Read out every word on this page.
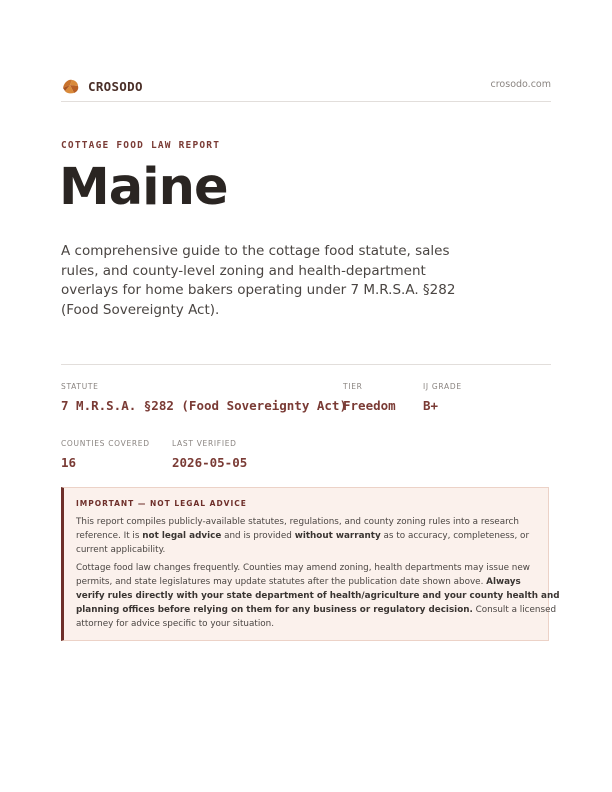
CROSODO	crosodo.com
COTTAGE FOOD LAW REPORT
Maine
A comprehensive guide to the cottage food statute, sales
rules, and county-level zoning and health-department
overlays for home bakers operating under 7 M.R.S.A. §282
(Food Sovereignty Act).
STATUTE
7 M.R.S.A. §282 (Food Sovereignty Act)
TIER
Freedom
IJ GRADE
B+
COUNTIES COVERED
16
LAST VERIFIED
2026-05-05
IMPORTANT — NOT LEGAL ADVICE
This report compiles publicly-available statutes, regulations, and county zoning rules into a research
reference. It is not legal advice and is provided without warranty as to accuracy, completeness, or
current applicability.
Cottage food law changes frequently. Counties may amend zoning, health departments may issue new
permits, and state legislatures may update statutes after the publication date shown above. Always
verify rules directly with your state department of health/agriculture and your county health and
planning offices before relying on them for any business or regulatory decision. Consult a licensed
attorney for advice specific to your situation.
